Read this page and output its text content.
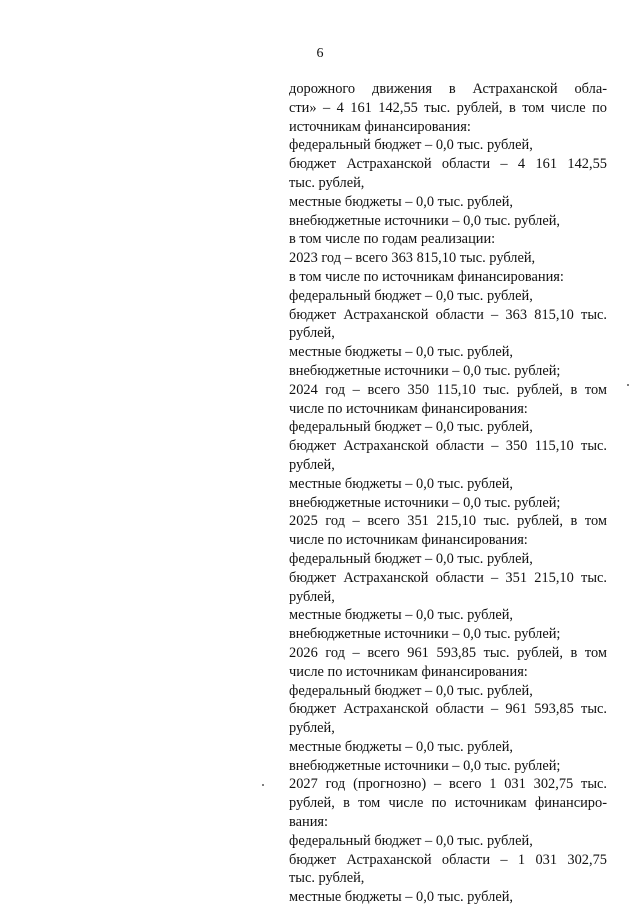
6
дорожного движения в Астраханской обла-
сти» – 4 161 142,55 тыс. рублей, в том числе по
источникам финансирования:
федеральный бюджет – 0,0 тыс. рублей,
бюджет Астраханской области – 4 161 142,55
тыс. рублей,
местные бюджеты – 0,0 тыс. рублей,
внебюджетные источники – 0,0 тыс. рублей,
в том числе по годам реализации:
2023 год – всего 363 815,10 тыс. рублей,
в том числе по источникам финансирования:
федеральный бюджет – 0,0 тыс. рублей,
бюджет Астраханской области – 363 815,10 тыс.
рублей,
местные бюджеты – 0,0 тыс. рублей,
внебюджетные источники – 0,0 тыс. рублей;
2024 год – всего 350 115,10 тыс. рублей, в том
числе по источникам финансирования:
федеральный бюджет – 0,0 тыс. рублей,
бюджет Астраханской области – 350 115,10 тыс.
рублей,
местные бюджеты – 0,0 тыс. рублей,
внебюджетные источники – 0,0 тыс. рублей;
2025 год – всего 351 215,10 тыс. рублей, в том
числе по источникам финансирования:
федеральный бюджет – 0,0 тыс. рублей,
бюджет Астраханской области – 351 215,10 тыс.
рублей,
местные бюджеты – 0,0 тыс. рублей,
внебюджетные источники – 0,0 тыс. рублей;
2026 год – всего 961 593,85 тыс. рублей, в том
числе по источникам финансирования:
федеральный бюджет – 0,0 тыс. рублей,
бюджет Астраханской области – 961 593,85 тыс.
рублей,
местные бюджеты – 0,0 тыс. рублей,
внебюджетные источники – 0,0 тыс. рублей;
2027 год (прогнозно) – всего 1 031 302,75 тыс.
рублей, в том числе по источникам финансиро-
вания:
федеральный бюджет – 0,0 тыс. рублей,
бюджет Астраханской области – 1 031 302,75
тыс. рублей,
местные бюджеты – 0,0 тыс. рублей,
